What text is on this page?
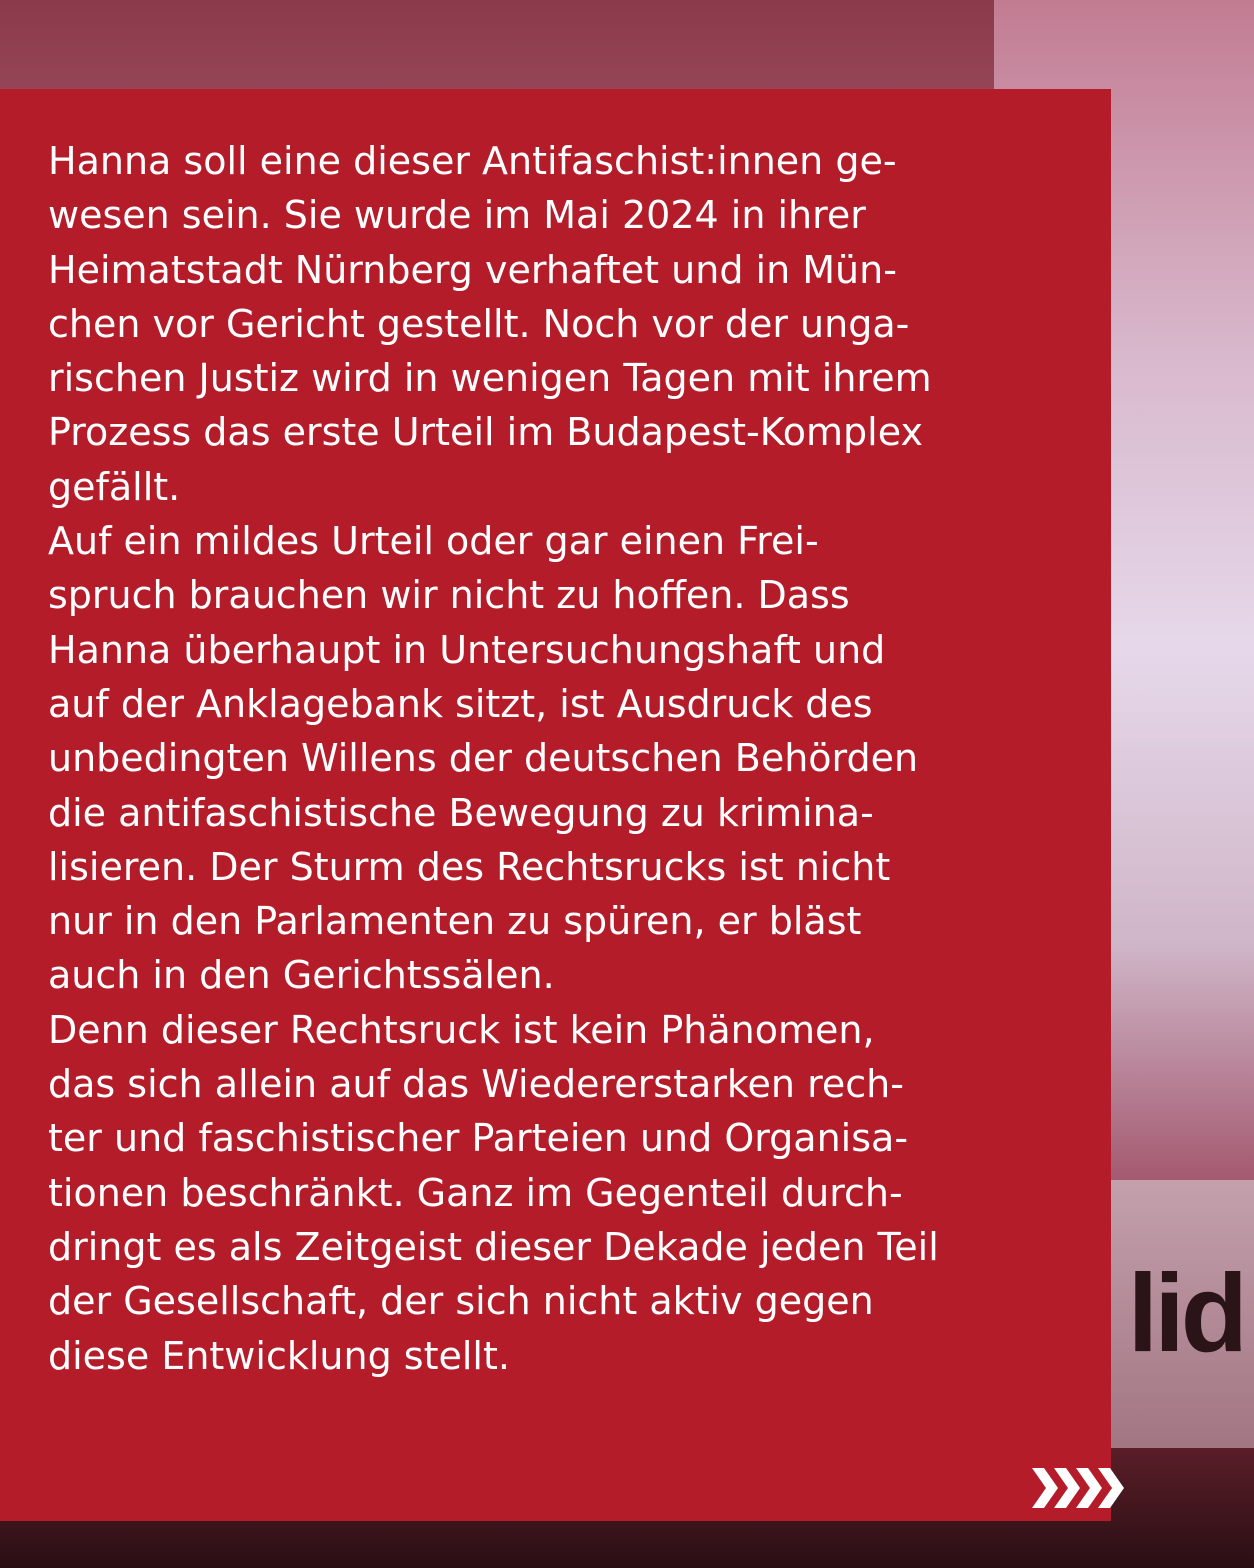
lid

Hanna soll eine dieser Antifaschist:innen ge-
wesen sein. Sie wurde im Mai 2024 in ihrer
Heimatstadt Nürnberg verhaftet und in Mün-
chen vor Gericht gestellt. Noch vor der unga-
rischen Justiz wird in wenigen Tagen mit ihrem
Prozess das erste Urteil im Budapest-Komplex
gefällt.
Auf ein mildes Urteil oder gar einen Frei-
spruch brauchen wir nicht zu hoffen. Dass
Hanna überhaupt in Untersuchungshaft und
auf der Anklagebank sitzt, ist Ausdruck des
unbedingten Willens der deutschen Behörden
die antifaschistische Bewegung zu krimina-
lisieren. Der Sturm des Rechtsrucks ist nicht
nur in den Parlamenten zu spüren, er bläst
auch in den Gerichtssälen.
Denn dieser Rechtsruck ist kein Phänomen,
das sich allein auf das Wiedererstarken rech-
ter und faschistischer Parteien und Organisa-
tionen beschränkt. Ganz im Gegenteil durch-
dringt es als Zeitgeist dieser Dekade jeden Teil
der Gesellschaft, der sich nicht aktiv gegen
diese Entwicklung stellt.
